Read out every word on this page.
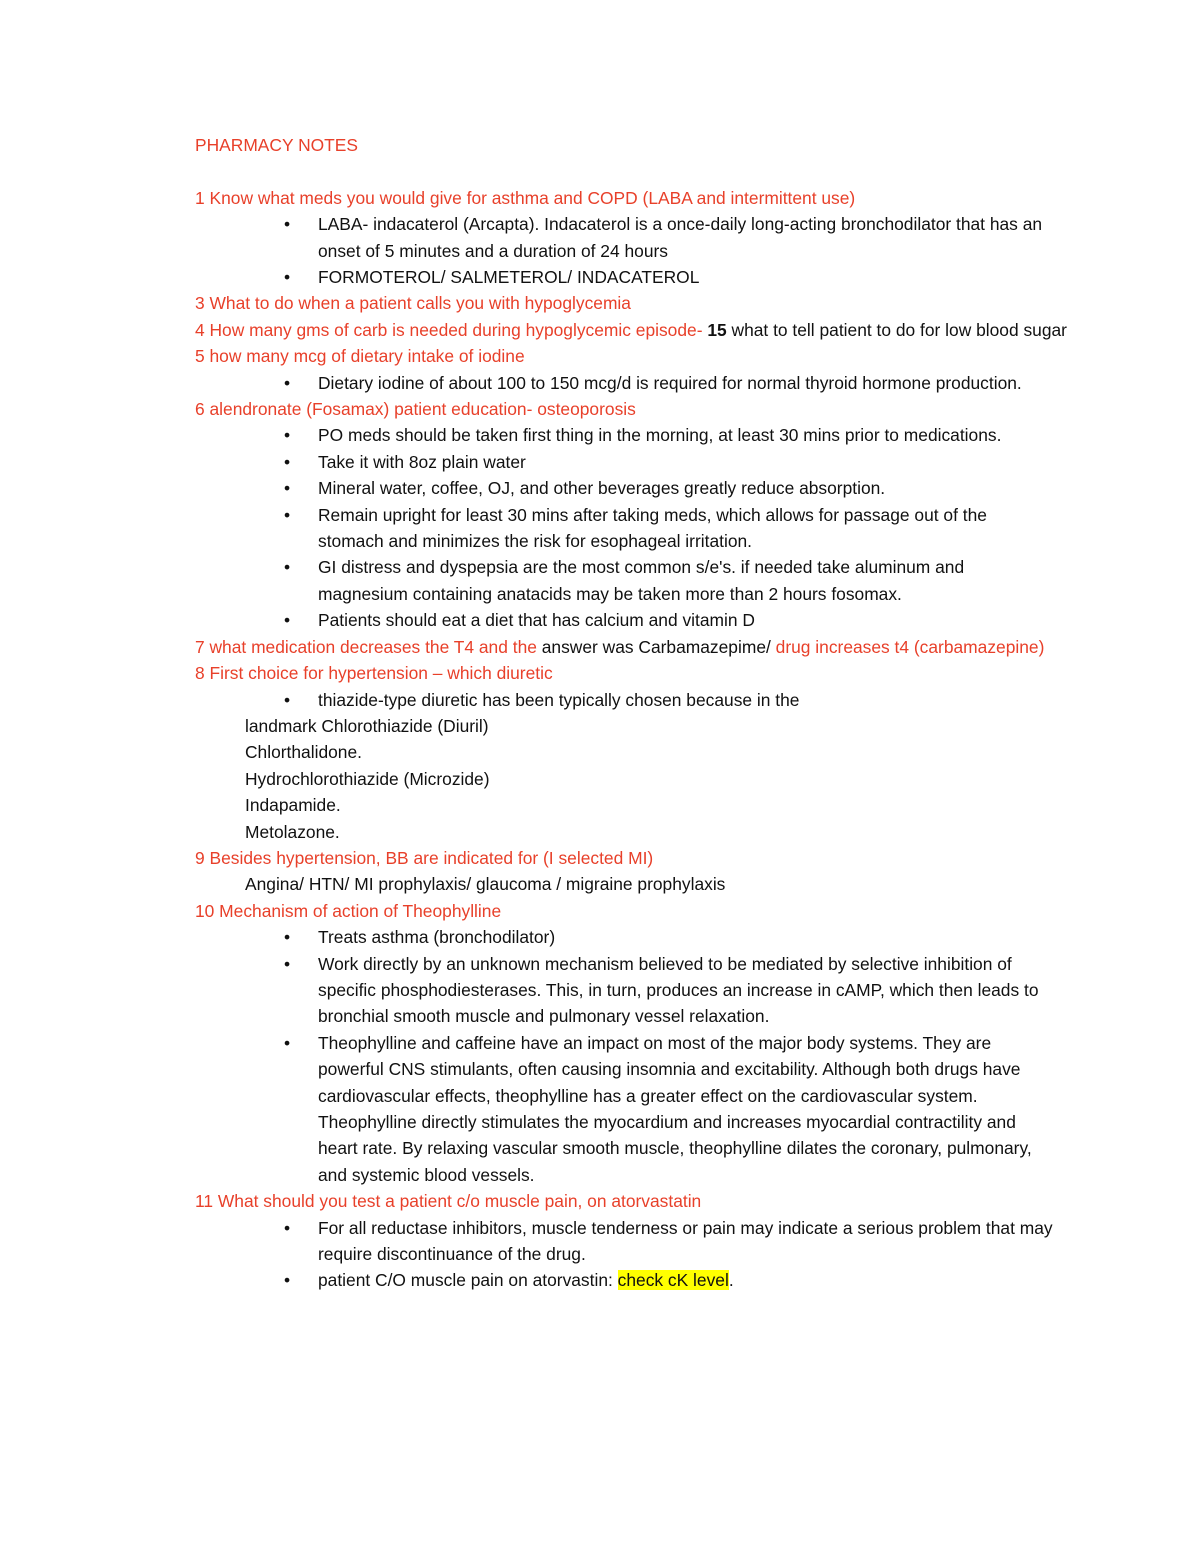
PHARMACY NOTES

1 Know what meds you would give for asthma and COPD (LABA and intermittent use)

• LABA- indacaterol (Arcapta). Indacaterol is a once-daily long-acting bronchodilator that has an onset of 5 minutes and a duration of 24 hours

• FORMOTEROL/ SALMETEROL/ INDACATEROL

3 What to do when a patient calls you with hypoglycemia

4 How many gms of carb is needed during hypoglycemic episode- 15 what to tell patient to do for low blood sugar

5 how many mcg of dietary intake of iodine

• Dietary iodine of about 100 to 150 mcg/d is required for normal thyroid hormone production.

6 alendronate (Fosamax) patient education- osteoporosis

• PO meds should be taken first thing in the morning, at least 30 mins prior to medications.

• Take it with 8oz plain water

• Mineral water, coffee, OJ, and other beverages greatly reduce absorption.

• Remain upright for least 30 mins after taking meds, which allows for passage out of the stomach and minimizes the risk for esophageal irritation.

• GI distress and dyspepsia are the most common s/e's. if needed take aluminum and magnesium containing anatacids may be taken more than 2 hours fosomax.

• Patients should eat a diet that has calcium and vitamin D

7 what medication decreases the T4 and the answer was Carbamazepime/ drug increases t4 (carbamazepine)

8 First choice for hypertension – which diuretic

• thiazide-type diuretic has been typically chosen because in the

landmark Chlorothiazide (Diuril)

Chlorthalidone.

Hydrochlorothiazide (Microzide)

Indapamide.

Metolazone.

9 Besides hypertension, BB are indicated for (I selected MI)

Angina/ HTN/ MI prophylaxis/ glaucoma / migraine prophylaxis

10 Mechanism of action of Theophylline

• Treats asthma (bronchodilator)

• Work directly by an unknown mechanism believed to be mediated by selective inhibition of specific phosphodiesterases. This, in turn, produces an increase in cAMP, which then leads to bronchial smooth muscle and pulmonary vessel relaxation.

• Theophylline and caffeine have an impact on most of the major body systems. They are powerful CNS stimulants, often causing insomnia and excitability. Although both drugs have cardiovascular effects, theophylline has a greater effect on the cardiovascular system. Theophylline directly stimulates the myocardium and increases myocardial contractility and heart rate. By relaxing vascular smooth muscle, theophylline dilates the coronary, pulmonary, and systemic blood vessels.

11 What should you test a patient c/o muscle pain, on atorvastatin

• For all reductase inhibitors, muscle tenderness or pain may indicate a serious problem that may require discontinuance of the drug.

• patient C/O muscle pain on atorvastin: check cK level.
